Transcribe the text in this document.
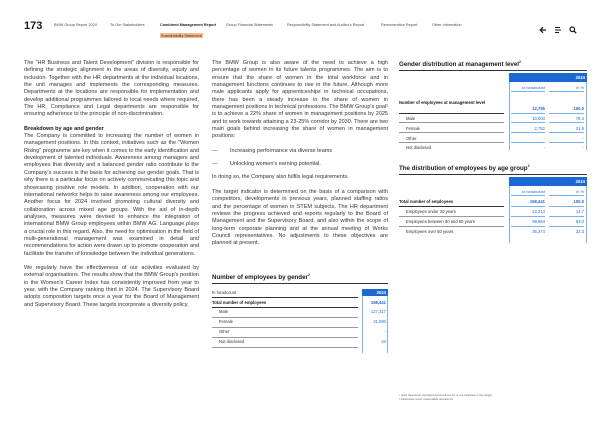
173	BMW Group Report 2024	To Our Stakeholders	Combined Management Report	Group Financial Statements	Responsibility Statement and Auditor's Report	Remuneration Report	Other Information
Sustainability Statement

The "HR Business and Talent Development" division is responsible for defining the strategic alignment in the areas of diversity, equity and inclusion. Together with the HR departments at the individual locations, the unit manages and implements the corresponding measures. Departments at the locations are responsible for implementation and develop additional programmes tailored to local needs where required. The HR, Compliance and Legal departments are responsible for ensuring adherence to the principle of non-discrimination.

Breakdown by age and gender

The Company is committed to increasing the number of women in management positions. In this context, initiatives such as the "Women Rising" programme are key when it comes to the early identification and development of talented individuals. Awareness among managers and employees that diversity and a balanced gender ratio contribute to the Company's success is the basis for achieving our gender goals. That is why there is a particular focus on actively communicating this topic and showcasing positive role models. In addition, cooperation with our international networks helps to raise awareness among our employees. Another focus for 2024 involved promoting cultural diversity and collaboration across mixed age groups. With the aid of in-depth analyses, measures were devised to enhance the integration of international BMW Group employees within BMW AG. Language plays a crucial role in this regard. Also, the need for optimisation in the field of multi-generational management was examined in detail and recommendations for action were drawn up to promote cooperation and facilitate the transfer of knowledge between the individual generations.

We regularly have the effectiveness of our activities evaluated by external organisations. The results show that the BMW Group's position in the Women's Career Index has consistently improved from year to year, with the Company ranking third in 2024. The Supervisory Board adopts composition targets once a year for the Board of Management and Supervisory Board. These targets incorporate a diversity policy.

The BMW Group is also aware of the need to achieve a high percentage of women in its future talents programmes. The aim is to ensure that the share of women in the total workforce and in management functions continues to rise in the future. Although more male applicants apply for apprenticeships in technical occupations, there has been a steady increase in the share of women in management positions in technical professions. The BMW Group's goal¹ is to achieve a 22% share of women in management positions by 2025 and to work towards attaining a 23-25% corridor by 2030. There are two main goals behind increasing the share of women in management positions:

—	Increasing performance via diverse teams
—	Unlocking women's earning potential.

In doing so, the Company also fulfils legal requirements.

The target indicator is determined on the basis of a comparison with competitors, developments in previous years, planned staffing ratios and the percentage of women in STEM subjects. The HR department reviews the progress achieved and reports regularly to the Board of Management and the Supervisory Board, and also within the scope of long-term corporate planning and at the annual meeting of Works Council representatives. No adjustments to these objectives are planned at present.

Number of employees by gender$^2$
2024
In headcount
Total number of employees	158,441
Male	127,317
Female	31,080
Other	-
Not disclosed	44
Gender distribution at management level$^2$
2024
in headcount	in %
Number of employees at management level
12,755	100.0
Male	10,003	78.4
Female	2,752	21.6
Other	-	-
Not disclosed	-	-
The distribution of employees by age group$^2$
2024
in headcount	in %
Total number of employees	158,441	100.0
Employees under 30 years	23,213	14.7
Employees between 30 and 50 years	99,954	63.0
Employees over 50 years	35,274	22.3
¹ Joint Operation Spotlight Automotive Ltd. is not included in the target.
² Assurance level: reasonable assurance.
